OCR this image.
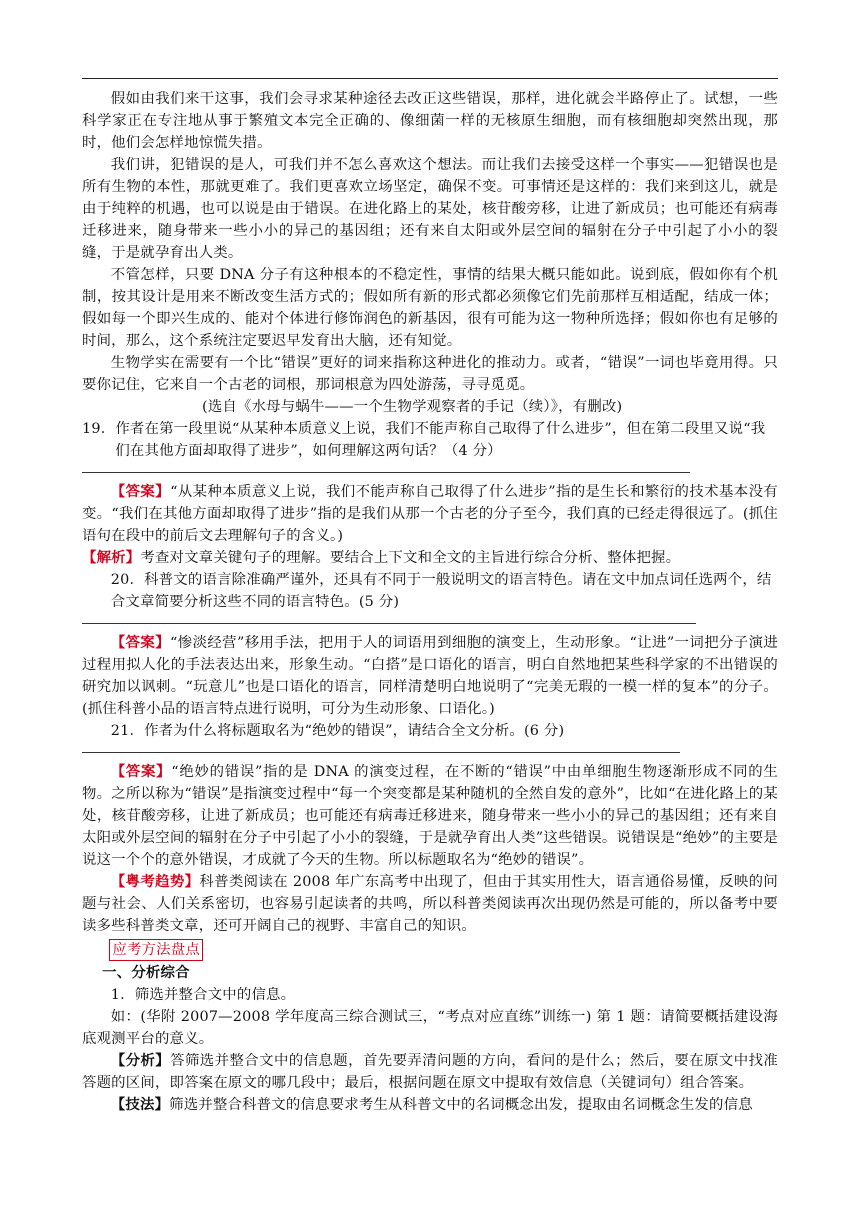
假如由我们来干这事，我们会寻求某种途径去改正这些错误，那样，进化就会半路停止了。试想，一些科学家正在专注地从事于繁殖文本完全正确的、像细菌一样的无核原生细胞，而有核细胞却突然出现，那时，他们会怎样地惊慌失措。

我们讲，犯错误的是人，可我们并不怎么喜欢这个想法。而让我们去接受这样一个事实——犯错误也是所有生物的本性，那就更难了。我们更喜欢立场坚定，确保不变。可事情还是这样的：我们来到这儿，就是由于纯粹的机遇，也可以说是由于错误。在进化路上的某处，核苷酸旁移，让进了新成员；也可能还有病毒迁移进来，随身带来一些小小的异己的基因组；还有来自太阳或外层空间的辐射在分子中引起了小小的裂缝，于是就孕育出人类。

不管怎样，只要 DNA 分子有这种根本的不稳定性，事情的结果大概只能如此。说到底，假如你有个机制，按其设计是用来不断改变生活方式的；假如所有新的形式都必须像它们先前那样互相适配，结成一体；假如每一个即兴生成的、能对个体进行修饰润色的新基因，很有可能为这一物种所选择；假如你也有足够的时间，那么，这个系统注定要迟早发育出大脑，还有知觉。

生物学实在需要有一个比“错误”更好的词来指称这种进化的推动力。或者，“错误”一词也毕竟用得。只要你记住，它来自一个古老的词根，那词根意为四处游荡，寻寻觅觅。

(选自《水母与蜗牛——一个生物学观察者的手记（续）》，有删改)

19． 作者在第一段里说“从某种本质意义上说，我们不能声称自己取得了什么进步”，但在第二段里又说“我们在其他方面却取得了进步”，如何理解这两句话？（4 分）

【答案】“从某种本质意义上说，我们不能声称自己取得了什么进步”指的是生长和繁衍的技术基本没有变。“我们在其他方面却取得了进步”指的是我们从那一个古老的分子至今，我们真的已经走得很远了。(抓住语句在段中的前后文去理解句子的含义。)

【解析】考查对文章关键句子的理解。要结合上下文和全文的主旨进行综合分析、整体把握。

20．科普文的语言除准确严谨外，还具有不同于一般说明文的语言特色。请在文中加点词任选两个，结合文章简要分析这些不同的语言特色。(5 分)

【答案】“惨淡经营”移用手法，把用于人的词语用到细胞的演变上，生动形象。“让进”一词把分子演进过程用拟人化的手法表达出来，形象生动。“白搭”是口语化的语言，明白自然地把某些科学家的不出错误的研究加以讽刺。“玩意儿”也是口语化的语言，同样清楚明白地说明了“完美无瑕的一模一样的复本”的分子。(抓住科普小品的语言特点进行说明，可分为生动形象、口语化。)

21．作者为什么将标题取名为“绝妙的错误”，请结合全文分析。(6 分)

【答案】“绝妙的错误”指的是 DNA 的演变过程，在不断的“错误”中由单细胞生物逐渐形成不同的生物。之所以称为“错误”是指演变过程中“每一个突变都是某种随机的全然自发的意外”，比如“在进化路上的某处，核苷酸旁移，让进了新成员；也可能还有病毒迁移进来，随身带来一些小小的异己的基因组；还有来自太阳或外层空间的辐射在分子中引起了小小的裂缝，于是就孕育出人类”这些错误。说错误是“绝妙”的主要是说这一个个的意外错误，才成就了今天的生物。所以标题取名为“绝妙的错误”。

【粤考趋势】科普类阅读在 2008 年广东高考中出现了，但由于其实用性大，语言通俗易懂，反映的问题与社会、人们关系密切，也容易引起读者的共鸣，所以科普类阅读再次出现仍然是可能的，所以备考中要读多些科普类文章，还可开阔自己的视野、丰富自己的知识。

应考方法盘点

一、分析综合

1．筛选并整合文中的信息。

如：(华附 2007—2008 学年度高三综合测试三，“考点对应直练”训练一) 第 1 题：请简要概括建设海底观测平台的意义。

【分析】答筛选并整合文中的信息题，首先要弄清问题的方向，看问的是什么；然后，要在原文中找准答题的区间，即答案在原文的哪几段中；最后，根据问题在原文中提取有效信息（关键词句）组合答案。

【技法】筛选并整合科普文的信息要求考生从科普文中的名词概念出发，提取由名词概念生发的信息
